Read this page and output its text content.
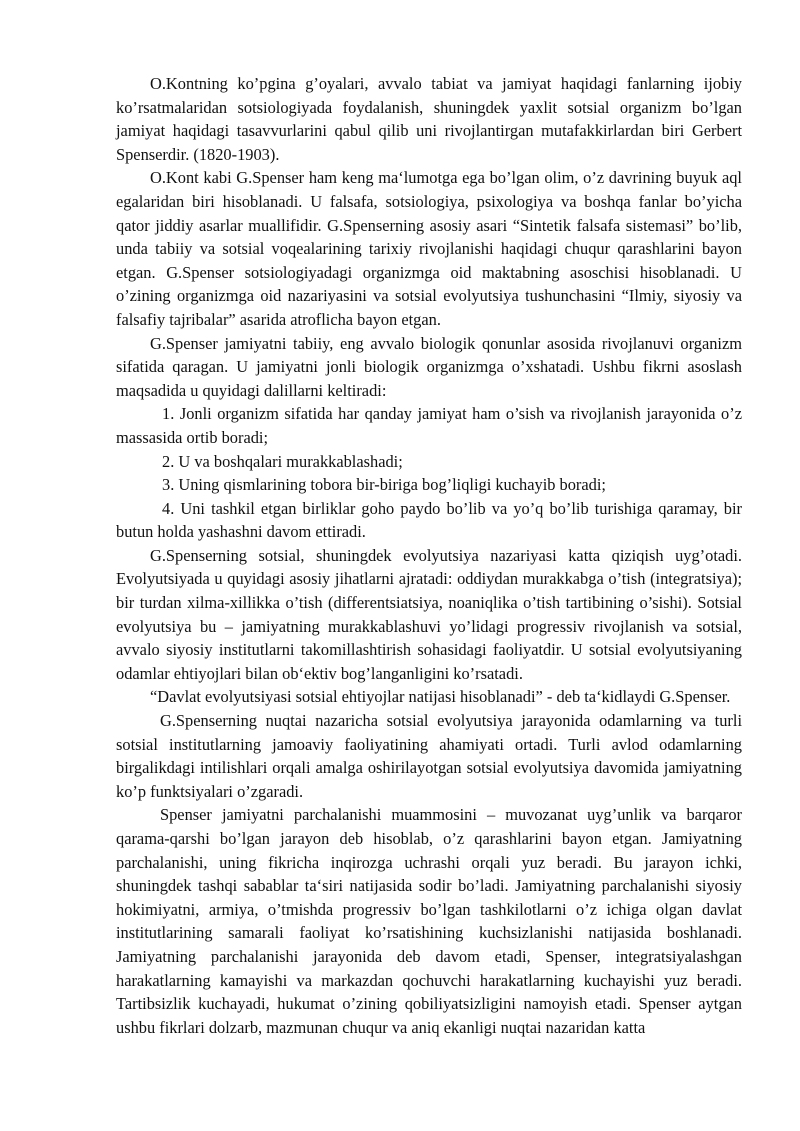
O.Kontning ko’pgina g’oyalari, avvalo tabiat va jamiyat haqidagi fanlarning ijobiy ko’rsatmalaridan sotsiologiyada foydalanish, shuningdek yaxlit sotsial organizm bo’lgan jamiyat haqidagi tasavvurlarini qabul qilib uni rivojlantirgan mutafakkirlardan biri Gerbert Spenserdir. (1820-1903).

O.Kont kabi G.Spenser ham keng ma‘lumotga ega bo’lgan olim, o’z davrining buyuk aql egalaridan biri hisoblanadi. U falsafa, sotsiologiya, psixologiya va boshqa fanlar bo’yicha qator jiddiy asarlar muallifidir. G.Spenserning asosiy asari “Sintetik falsafa sistemasi” bo’lib, unda tabiiy va sotsial voqealarining tarixiy rivojlanishi haqidagi chuqur qarashlarini bayon etgan. G.Spenser sotsiologiyadagi organizmga oid maktabning asoschisi hisoblanadi. U o’zining organizmga oid nazariyasini va sotsial evolyutsiya tushunchasini “Ilmiy, siyosiy va falsafiy tajribalar” asarida atroflicha bayon etgan.

G.Spenser jamiyatni tabiiy, eng avvalo biologik qonunlar asosida rivojlanuvi organizm sifatida qaragan. U jamiyatni jonli biologik organizmga o’xshatadi. Ushbu fikrni asoslash maqsadida u quyidagi dalillarni keltiradi:

1. Jonli organizm sifatida har qanday jamiyat ham o’sish va rivojlanish jarayonida o’z massasida ortib boradi;

2. U va boshqalari murakkablashadi;

3. Uning qismlarining tobora bir-biriga bog’liqligi kuchayib boradi;

4. Uni tashkil etgan birliklar goho paydo bo’lib va yo’q bo’lib turishiga qaramay, bir butun holda yashashni davom ettiradi.

G.Spenserning sotsial, shuningdek evolyutsiya nazariyasi katta qiziqish uyg’otadi. Evolyutsiyada u quyidagi asosiy jihatlarni ajratadi: oddiydan murakkabga o’tish (integratsiya); bir turdan xilma-xillikka o’tish (differentsiatsiya, noaniqlika o’tish tartibining o’sishi). Sotsial evolyutsiya bu – jamiyatning murakkablashuvi yo’lidagi progressiv rivojlanish va sotsial, avvalo siyosiy institutlarni takomillashtirish sohasidagi faoliyatdir. U sotsial evolyutsiyaning odamlar ehtiyojlari bilan ob‘ektiv bog’langanligini ko’rsatadi.

“Davlat evolyutsiyasi sotsial ehtiyojlar natijasi hisoblanadi” - deb ta‘kidlaydi G.Spenser.

G.Spenserning nuqtai nazaricha sotsial evolyutsiya jarayonida odamlarning va turli sotsial institutlarning jamoaviy faoliyatining ahamiyati ortadi. Turli avlod odamlarning birgalikdagi intilishlari orqali amalga oshirilayotgan sotsial evolyutsiya davomida jamiyatning ko’p funktsiyalari o’zgaradi.

Spenser jamiyatni parchalanishi muammosini – muvozanat uyg’unlik va barqaror qarama-qarshi bo’lgan jarayon deb hisoblab, o’z qarashlarini bayon etgan. Jamiyatning parchalanishi, uning fikricha inqirozga uchrashi orqali yuz beradi. Bu jarayon ichki, shuningdek tashqi sabablar ta‘siri natijasida sodir bo’ladi. Jamiyatning parchalanishi siyosiy hokimiyatni, armiya, o’tmishda progressiv bo’lgan tashkilotlarni o’z ichiga olgan davlat institutlarining samarali faoliyat ko’rsatishining kuchsizlanishi natijasida boshlanadi. Jamiyatning parchalanishi jarayonida deb davom etadi, Spenser, integratsiyalashgan harakatlarning kamayishi va markazdan qochuvchi harakatlarning kuchayishi yuz beradi. Tartibsizlik kuchayadi, hukumat o’zining qobiliyatsizligini namoyish etadi. Spenser aytgan ushbu fikrlari dolzarb, mazmunan chuqur va aniq ekanligi nuqtai nazaridan katta
